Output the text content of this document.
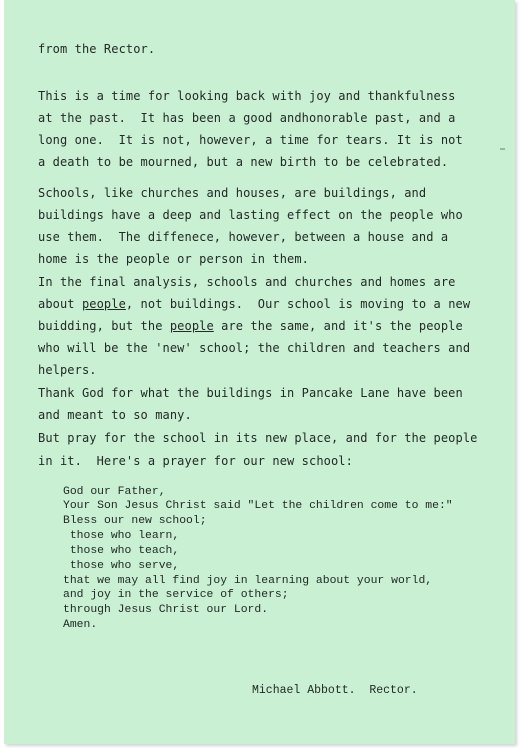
from the Rector.
This is a time for looking back with joy and thankfulness
at the past.  It has been a good andhonorable past, and a
long one.  It is not, however, a time for tears. It is not
a death to be mourned, but a new birth to be celebrated.
Schools, like churches and houses, are buildings, and
buildings have a deep and lasting effect on the people who
use them.  The diffenece, however, between a house and a
home is the people or person in them.
In the final analysis, schools and churches and homes are
about people, not buildings.  Our school is moving to a new
buidding, but the people are the same, and it's the people
who will be the 'new' school; the children and teachers and
helpers.
Thank God for what the buildings in Pancake Lane have been
and meant to so many.
But pray for the school in its new place, and for the people
in it.  Here's a prayer for our new school:
God our Father,
Your Son Jesus Christ said "Let the children come to me:"
Bless our new school;
those who learn,
those who teach,
those who serve,
that we may all find joy in learning about your world,
and joy in the service of others;
through Jesus Christ our Lord.
Amen.
Michael Abbott.  Rector.
